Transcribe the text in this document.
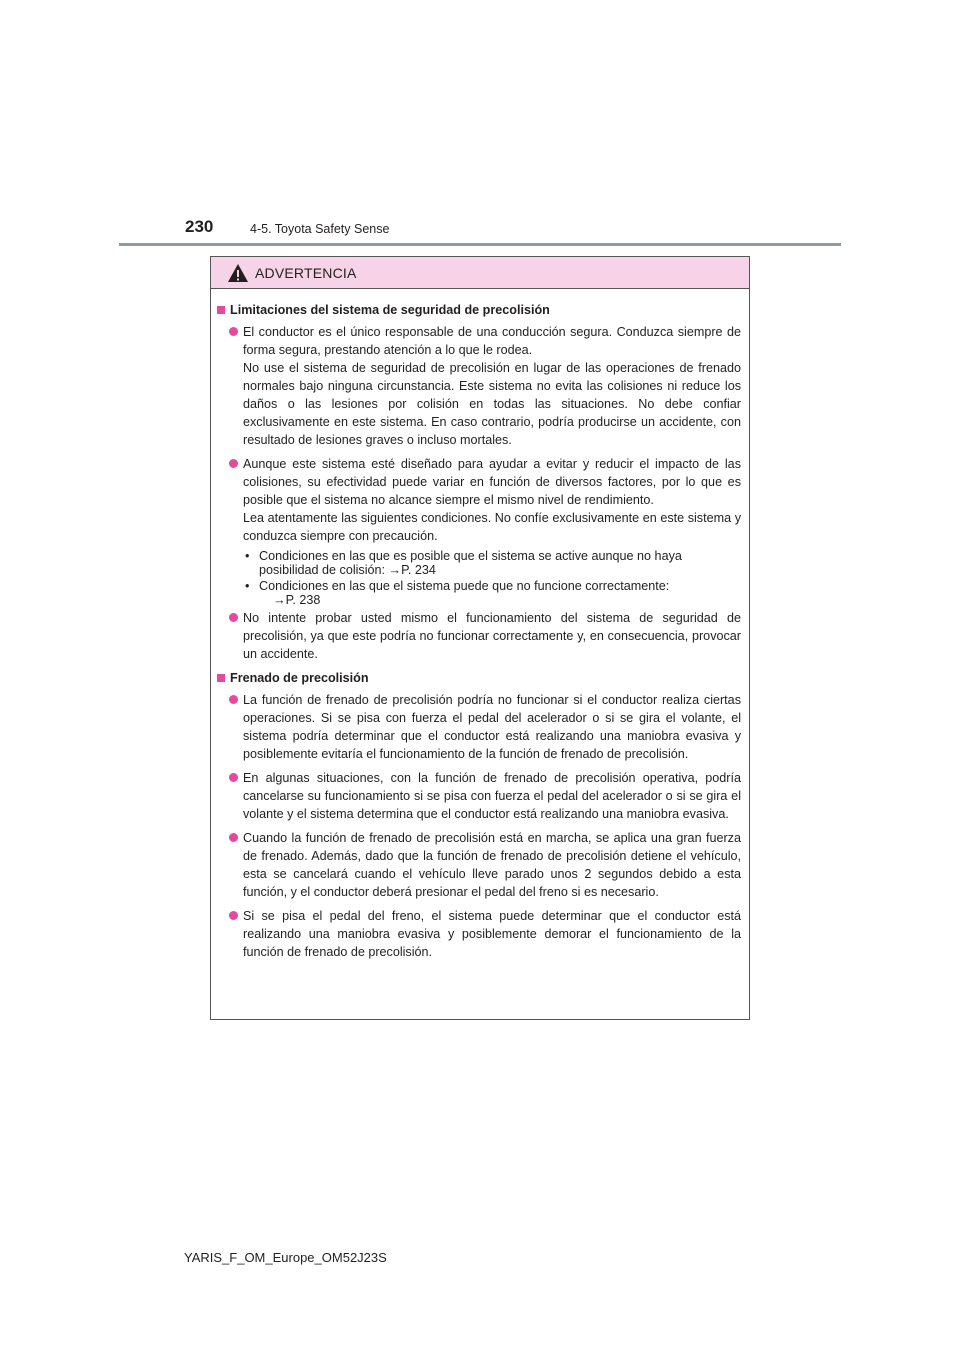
230	4-5. Toyota Safety Sense
ADVERTENCIA
Limitaciones del sistema de seguridad de precolisión

El conductor es el único responsable de una conducción segura. Conduzca siempre de forma segura, prestando atención a lo que le rodea.

No use el sistema de seguridad de precolisión en lugar de las operaciones de frenado normales bajo ninguna circunstancia. Este sistema no evita las colisiones ni reduce los daños o las lesiones por colisión en todas las situaciones. No debe confiar exclusivamente en este sistema. En caso contrario, podría producirse un accidente, con resultado de lesiones graves o incluso mortales.

Aunque este sistema esté diseñado para ayudar a evitar y reducir el impacto de las colisiones, su efectividad puede variar en función de diversos factores, por lo que es posible que el sistema no alcance siempre el mismo nivel de rendimiento.

Lea atentamente las siguientes condiciones. No confíe exclusivamente en este sistema y conduzca siempre con precaución.

• Condiciones en las que es posible que el sistema se active aunque no haya
posibilidad de colisión: →P. 234
• Condiciones en las que el sistema puede que no funcione correctamente:
→P. 238

No intente probar usted mismo el funcionamiento del sistema de seguridad de precolisión, ya que este podría no funcionar correctamente y, en consecuencia, provocar un accidente.

Frenado de precolisión

La función de frenado de precolisión podría no funcionar si el conductor realiza ciertas operaciones. Si se pisa con fuerza el pedal del acelerador o si se gira el volante, el sistema podría determinar que el conductor está realizando una maniobra evasiva y posiblemente evitaría el funcionamiento de la función de frenado de precolisión.

En algunas situaciones, con la función de frenado de precolisión operativa, podría cancelarse su funcionamiento si se pisa con fuerza el pedal del acelerador o si se gira el volante y el sistema determina que el conductor está realizando una maniobra evasiva.

Cuando la función de frenado de precolisión está en marcha, se aplica una gran fuerza de frenado. Además, dado que la función de frenado de precolisión detiene el vehículo, esta se cancelará cuando el vehículo lleve parado unos 2 segundos debido a esta función, y el conductor deberá presionar el pedal del freno si es necesario.

Si se pisa el pedal del freno, el sistema puede determinar que el conductor está realizando una maniobra evasiva y posiblemente demorar el funcionamiento de la función de frenado de precolisión.

YARIS_F_OM_Europe_OM52J23S
